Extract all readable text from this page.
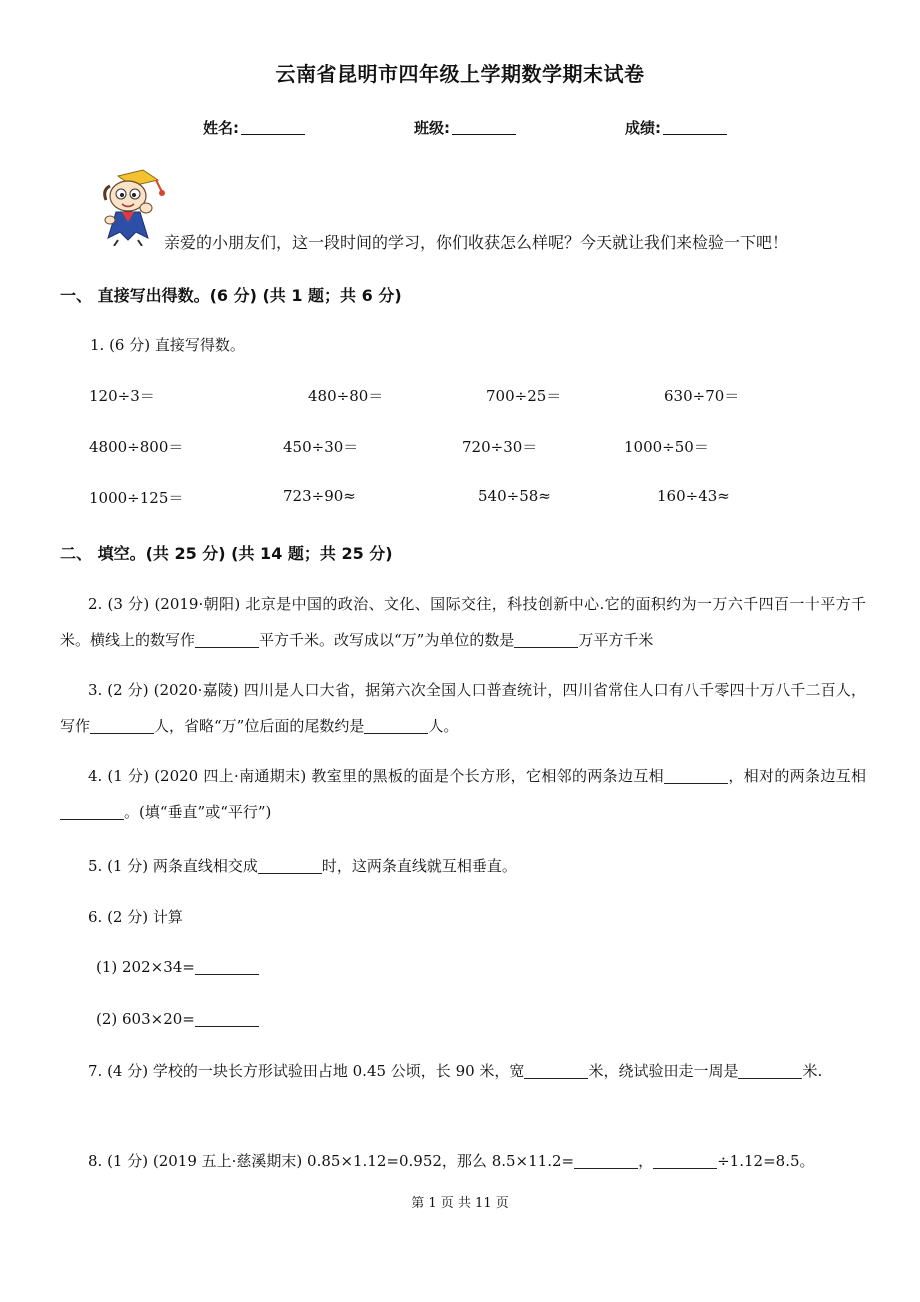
云南省昆明市四年级上学期数学期末试卷
姓名:	班级:	成绩:
亲爱的小朋友们，这一段时间的学习，你们收获怎么样呢？今天就让我们来检验一下吧！
一、 直接写出得数。(6 分) (共 1 题；共 6 分)
1. (6 分) 直接写得数。
120÷3＝	480÷80＝	700÷25＝	630÷70＝
4800÷800＝	450÷30＝	720÷30＝	1000÷50＝
1000÷125＝	723÷90≈	540÷58≈	160÷43≈
二、 填空。(共 25 分) (共 14 题；共 25 分)
2. (3 分) (2019·朝阳) 北京是中国的政治、文化、国际交往，科技创新中心.它的面积约为一万六千四百一十平方千米。横线上的数写作	平方千米。改写成以“万”为单位的数是	万平方千米
3. (2 分) (2020·嘉陵) 四川是人口大省，据第六次全国人口普查统计，四川省常住人口有八千零四十万八千二百人，写作	人，省略“万”位后面的尾数约是	人。
4. (1 分) (2020 四上·南通期末) 教室里的黑板的面是个长方形，它相邻的两条边互相	，相对的两条边互相。(填“垂直”或“平行”)
5. (1 分) 两条直线相交成	时，这两条直线就互相垂直。
6. (2 分) 计算
(1) 202×34=
(2) 603×20=
7. (4 分) 学校的一块长方形试验田占地 0.45 公顷，长 90 米，宽	米，绕试验田走一周是	米.
8. (1 分) (2019 五上·慈溪期末) 0.85×1.12=0.952，那么 8.5×11.2=	，	÷1.12=8.5。
第 1 页 共 11 页
